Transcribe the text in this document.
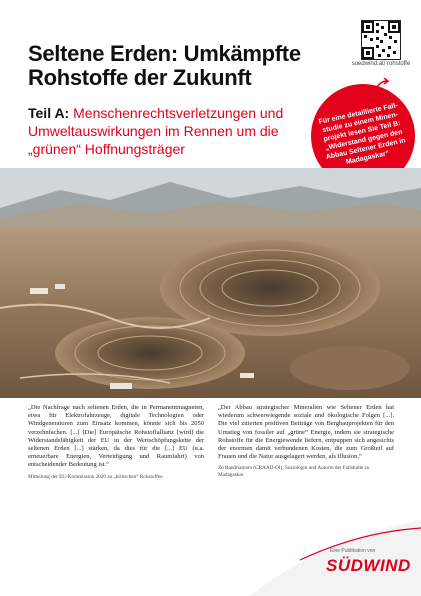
Seltene Erden: Umkämpfte Rohstoffe der Zukunft

Teil A: Menschenrechtsverletzungen und Umweltauswirkungen im Rennen um die „grünen“ Hoffnungsträger

suedwind.at/ rohstoffe
Für eine detaillierte Fall- studie zu einem Minen- projekt lesen Sie Teil B: „Widerstand gegen den Abbau Seltener Erden in Madagaskar“

„Die Nachfrage nach seltenen Erden, die in Permanentmagneten, etwa für Elektrofahrzeuge, digitale Technologien oder Windgeneratoren zum Einsatz kommen, könnte sich bis 2050 verzehnfachen. [...] [Die] Europäische Rohstoffallianz [wird] die Widerstandsfähigkeit der EU in der Wertschöpfungskette der seltenen Erden [...] stärken, da dies für die [...] EU (u.a. erneuerbare Energien, Verteidigung und Raumfahrt) von entscheidender Bedeutung ist.“

Mitteilung der EU-Kommission 2020 zu „kritischen“ Rohstoffen

„Der Abbau strategischer Mineralien wie Seltener Erden hat wiederum schwerwiegende soziale und ökologische Folgen [...]. Die viel zitierten positiven Beiträge von Bergbauprojekten für den Umstieg von fossiler auf „grüne“ Energie, indem sie strategische Rohstoffe für die Energiewende liefern, entpuppen sich angesichts der enormen damit verbundenen Kosten, die zum Großteil auf Frauen und die Natur ausgelagert werden, als Illusion.“

Zo Randriamaro (CRAAD-OI), Soziologin und Autorin der Fallstudie zu Madagaskar

Eine Publikation von
SÜDWIND
